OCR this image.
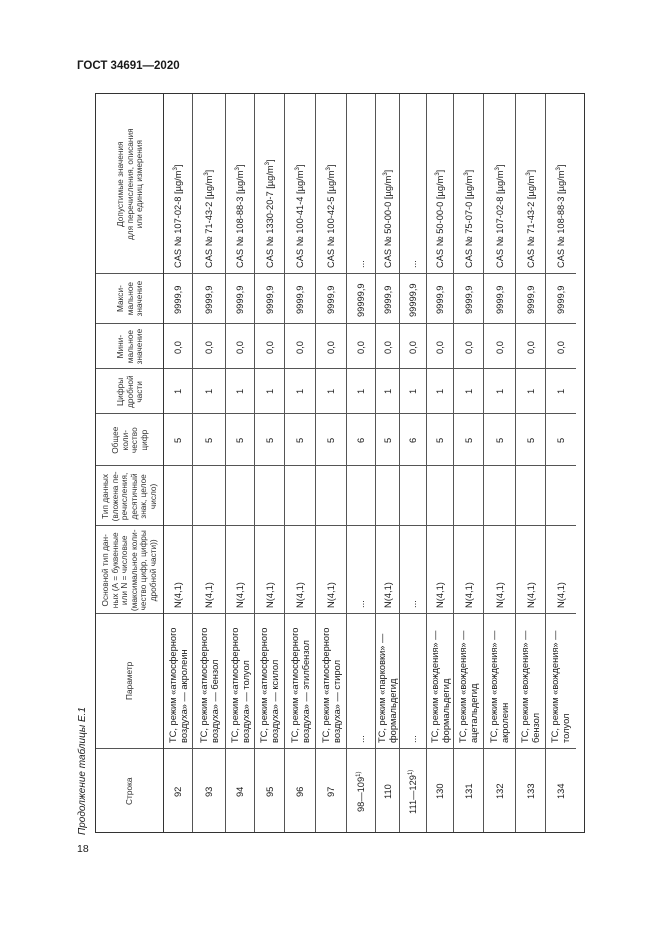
ГОСТ 34691—2020
18
Продолжение таблицы Е.1	Строка
Параметр
Основной тип дан- ных (А = буквенные или N = числовые (максимальное коли- чество цифр, цифры дробной части))
Тип данных (вложена пе- речисления, десятичный знак, целое число)
Общее коли- чество цифр
Цифры дробной части
Мини- мальное значение
Макси- мальное значение
Допустимые значения для перечисления, описания или единиц измерения
92
ТС, режим «атмосферного воздуха» — акролеин
N(4,1)
5
1
0,0
9999,9
CAS № 107-02-8 $[\mu g/m^3]$
93
ТС, режим «атмосферного воздуха» — бензол
N(4,1)
5
1
0,0
9999,9
CAS № 71-43-2 $[\mu g/m^3]$
94
ТС, режим «атмосферного воздуха» — толуол
N(4,1)
5
1
0,0
9999,9
CAS № 108-88-3 $[\mu g/m^3]$
95
ТС, режим «атмосферного воздуха» — ксилол
N(4,1)
5
1
0,0
9999,9
CAS № 1330-20-7 $[\mu g/m^3]$
96
ТС, режим «атмосферного воздуха» — этилбензол
N(4,1)
5
1
0,0
9999,9
CAS № 100-41-4 $[\mu g/m^3]$
97
ТС, режим «атмосферного воздуха» — стирол
N(4,1)
5
1
0,0
9999,9
CAS № 100-42-5 $[\mu g/m^3]$
98—109$^{1)}$
...
...
6
1
0,0
99999,9
...
110
ТС, режим «парковки» — формальдегид
N(4,1)
5
1
0,0
9999,9
CAS № 50-00-0 $[\mu g/m^3]$
111—129$^{1)}$
...
...
6
1
0,0
99999,9
...
130
ТС, режим «вождения» — формальдегид
N(4,1)
5
1
0,0
9999,9
CAS № 50-00-0 $[\mu g/m^3]$
131
ТС, режим «вождения» — ацетальдегид
N(4,1)
5
1
0,0
9999,9
CAS № 75-07-0 $[\mu g/m^3]$
132
ТС, режим «вождения» — акролеин
N(4,1)
5
1
0,0
9999,9
CAS № 107-02-8 $[\mu g/m^3]$
133
ТС, режим «вождения» — бензол
N(4,1)
5
1
0,0
9999,9
CAS № 71-43-2 $[\mu g/m^3]$
134
ТС, режим «вождения» — толуол
N(4,1)
5
1
0,0
9999,9
CAS № 108-88-3 $[\mu g/m^3]$
